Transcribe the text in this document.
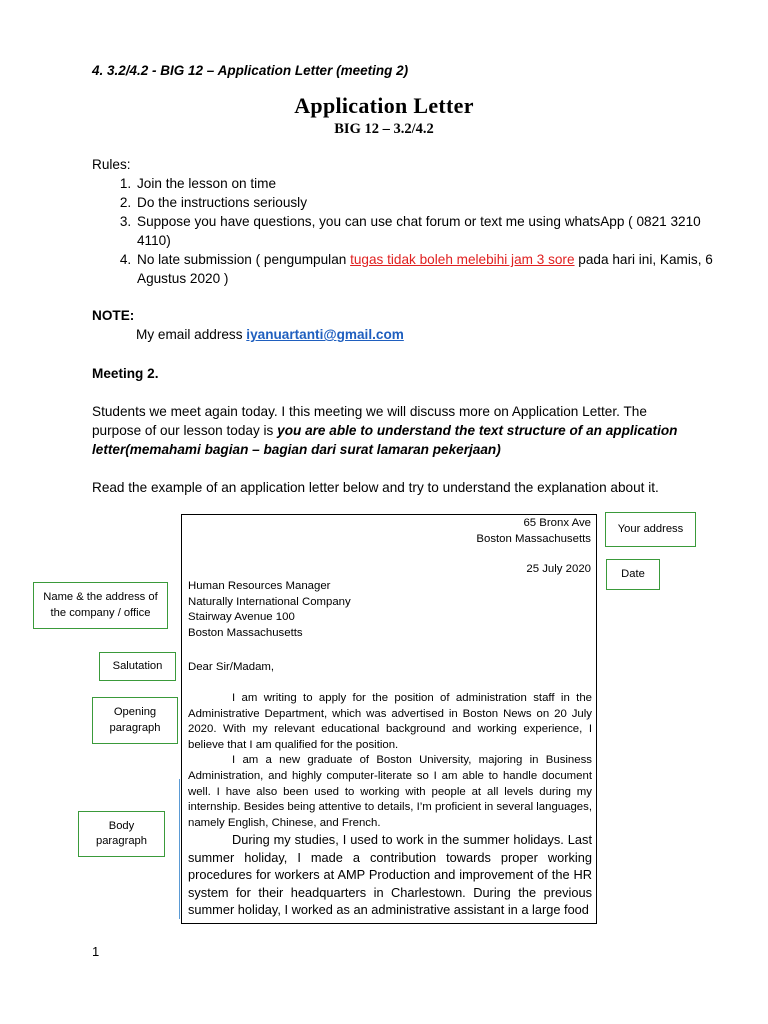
4. 3.2/4.2 - BIG 12 – Application Letter (meeting 2)
Application Letter
BIG 12 – 3.2/4.2
Rules:
1. Join the lesson on time
2. Do the instructions seriously
3. Suppose you have questions, you can use chat forum or text me using whatsApp ( 0821 3210 4110)
4. No late submission ( pengumpulan tugas tidak boleh melebihi jam 3 sore pada hari ini, Kamis, 6 Agustus 2020 )
NOTE:
My email address iyanuartanti@gmail.com
Meeting 2.
Students we meet again today. I this meeting we will discuss more on Application Letter. The purpose of our lesson today is you are able to understand the text structure of an application letter(memahami bagian – bagian dari surat lamaran pekerjaan)
Read the example of an application letter below and try to understand the explanation about it.
65 Bronx Ave
Boston Massachusetts
25 July 2020
Human Resources Manager
Naturally International Company
Stairway Avenue 100
Boston Massachusetts
Dear Sir/Madam,

I am writing to apply for the position of administration staff in the Administrative Department, which was advertised in Boston News on 20 July 2020. With my relevant educational background and working experience, I believe that I am qualified for the position.

I am a new graduate of Boston University, majoring in Business Administration, and highly computer-literate so I am able to handle document well. I have also been used to working with people at all levels during my internship. Besides being attentive to details, I’m proficient in several languages, namely English, Chinese, and French.

During my studies, I used to work in the summer holidays. Last summer holiday, I made a contribution towards proper working procedures for workers at AMP Production and improvement of the HR system for their headquarters in Charlestown. During the previous summer holiday, I worked as an administrative assistant in a large food

Your address
Date
Name & the address of the company / office
Salutation
Opening paragraph
Body paragraph
1
